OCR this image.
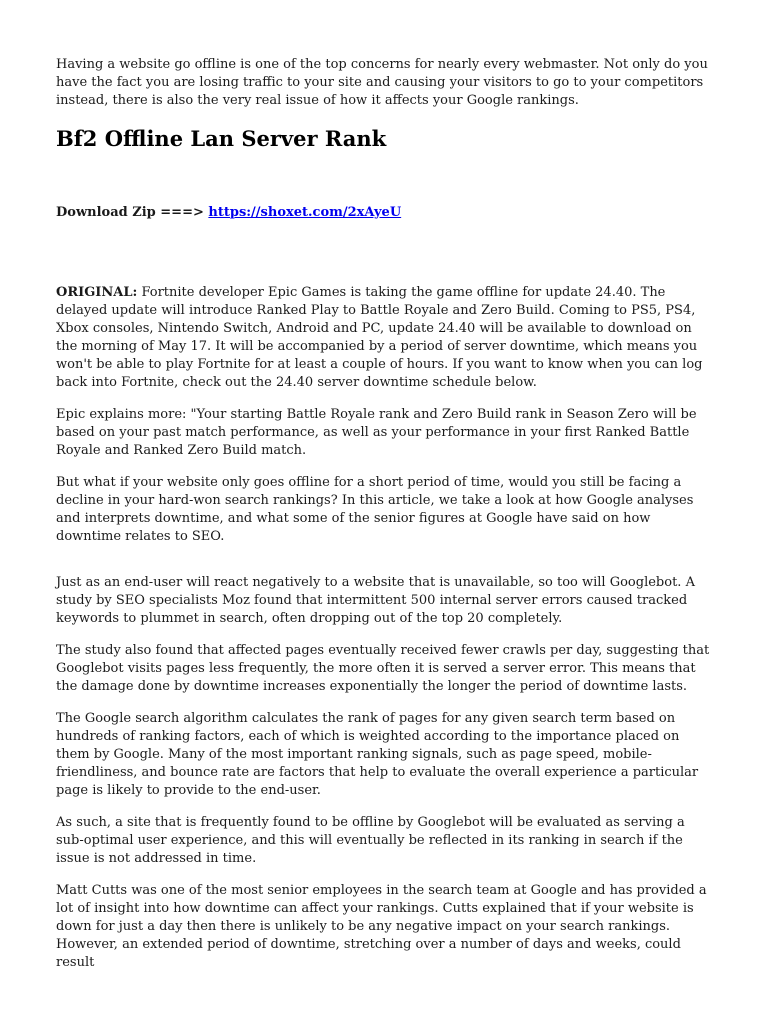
Having a website go offline is one of the top concerns for nearly every webmaster. Not only do you have the fact you are losing traffic to your site and causing your visitors to go to your competitors instead, there is also the very real issue of how it affects your Google rankings.

Bf2 Offline Lan Server Rank

Download Zip ===> https://shoxet.com/2xAyeU

ORIGINAL: Fortnite developer Epic Games is taking the game offline for update 24.40. The delayed update will introduce Ranked Play to Battle Royale and Zero Build. Coming to PS5, PS4, Xbox consoles, Nintendo Switch, Android and PC, update 24.40 will be available to download on the morning of May 17. It will be accompanied by a period of server downtime, which means you won't be able to play Fortnite for at least a couple of hours. If you want to know when you can log back into Fortnite, check out the 24.40 server downtime schedule below.

Epic explains more: "Your starting Battle Royale rank and Zero Build rank in Season Zero will be based on your past match performance, as well as your performance in your first Ranked Battle Royale and Ranked Zero Build match.

But what if your website only goes offline for a short period of time, would you still be facing a decline in your hard-won search rankings? In this article, we take a look at how Google analyses and interprets downtime, and what some of the senior figures at Google have said on how downtime relates to SEO.

Just as an end-user will react negatively to a website that is unavailable, so too will Googlebot. A study by SEO specialists Moz found that intermittent 500 internal server errors caused tracked keywords to plummet in search, often dropping out of the top 20 completely.

The study also found that affected pages eventually received fewer crawls per day, suggesting that Googlebot visits pages less frequently, the more often it is served a server error. This means that the damage done by downtime increases exponentially the longer the period of downtime lasts.

The Google search algorithm calculates the rank of pages for any given search term based on hundreds of ranking factors, each of which is weighted according to the importance placed on them by Google. Many of the most important ranking signals, such as page speed, mobile-friendliness, and bounce rate are factors that help to evaluate the overall experience a particular page is likely to provide to the end-user.

As such, a site that is frequently found to be offline by Googlebot will be evaluated as serving a sub-optimal user experience, and this will eventually be reflected in its ranking in search if the issue is not addressed in time.

Matt Cutts was one of the most senior employees in the search team at Google and has provided a lot of insight into how downtime can affect your rankings. Cutts explained that if your website is down for just a day then there is unlikely to be any negative impact on your search rankings. However, an extended period of downtime, stretching over a number of days and weeks, could result
